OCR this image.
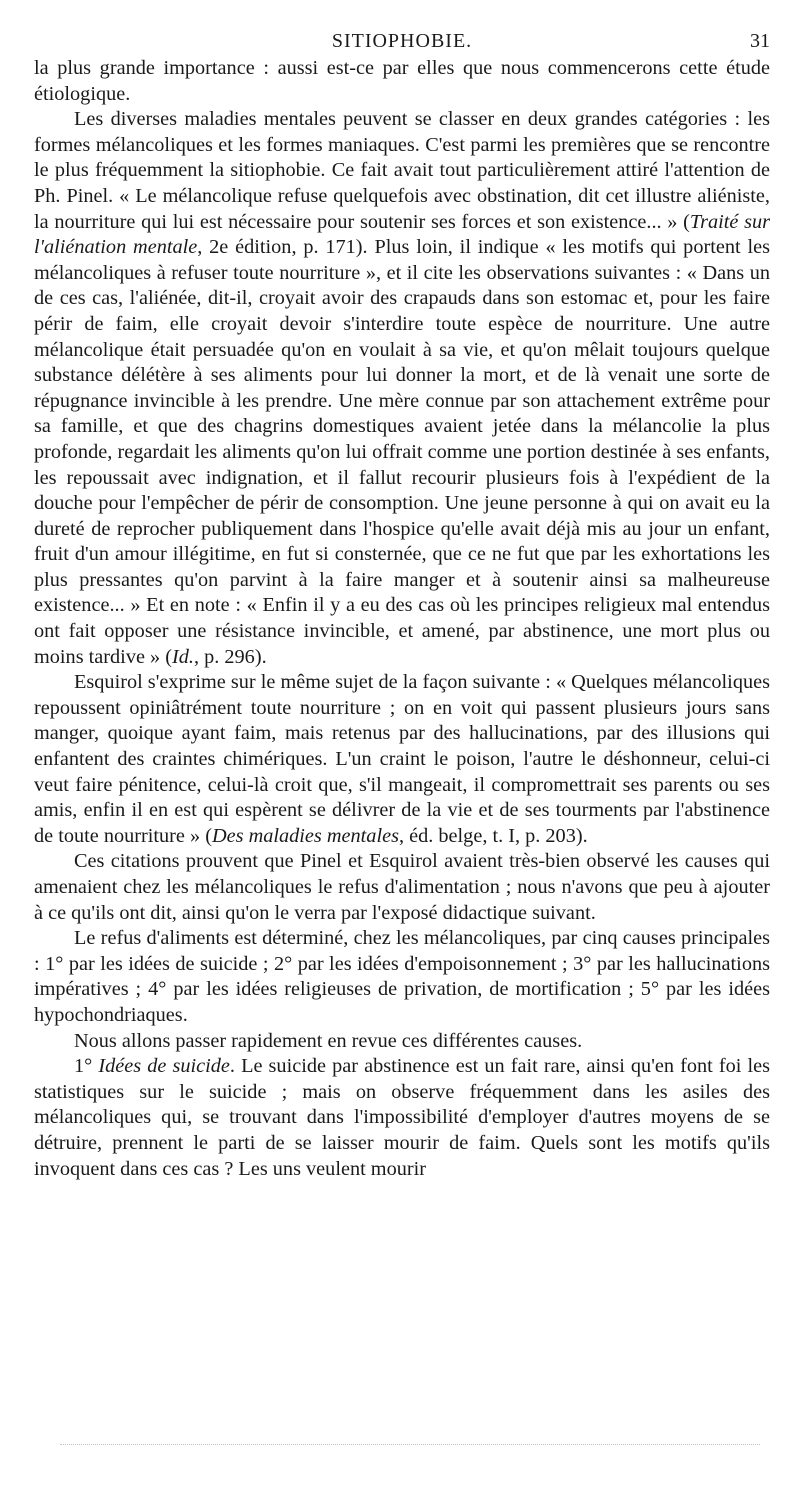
SITIOPHOBIE.	31

la plus grande importance : aussi est-ce par elles que nous commencerons cette étude étiologique.

Les diverses maladies mentales peuvent se classer en deux grandes catégories : les formes mélancoliques et les formes maniaques. C'est parmi les premières que se rencontre le plus fréquemment la sitiophobie. Ce fait avait tout particulièrement attiré l'attention de Ph. Pinel. « Le mélancolique refuse quelquefois avec obstination, dit cet illustre aliéniste, la nourriture qui lui est nécessaire pour soutenir ses forces et son existence... » (Traité sur l'aliénation mentale, 2e édition, p. 171). Plus loin, il indique « les motifs qui portent les mélancoliques à refuser toute nourriture », et il cite les observations suivantes : « Dans un de ces cas, l'aliénée, dit-il, croyait avoir des crapauds dans son estomac et, pour les faire périr de faim, elle croyait devoir s'interdire toute espèce de nourriture. Une autre mélancolique était persuadée qu'on en voulait à sa vie, et qu'on mêlait toujours quelque substance délétère à ses aliments pour lui donner la mort, et de là venait une sorte de répugnance invincible à les prendre. Une mère connue par son attachement extrême pour sa famille, et que des chagrins domestiques avaient jetée dans la mélancolie la plus profonde, regardait les aliments qu'on lui offrait comme une portion destinée à ses enfants, les repoussait avec indignation, et il fallut recourir plusieurs fois à l'expédient de la douche pour l'empêcher de périr de consomption. Une jeune personne à qui on avait eu la dureté de reprocher publiquement dans l'hospice qu'elle avait déjà mis au jour un enfant, fruit d'un amour illégitime, en fut si consternée, que ce ne fut que par les exhortations les plus pressantes qu'on parvint à la faire manger et à soutenir ainsi sa malheureuse existence... » Et en note : « Enfin il y a eu des cas où les principes religieux mal entendus ont fait opposer une résistance invincible, et amené, par abstinence, une mort plus ou moins tardive » (Id., p. 296).

Esquirol s'exprime sur le même sujet de la façon suivante : « Quelques mélancoliques repoussent opiniâtrément toute nourriture ; on en voit qui passent plusieurs jours sans manger, quoique ayant faim, mais retenus par des hallucinations, par des illusions qui enfantent des craintes chimériques. L'un craint le poison, l'autre le déshonneur, celui-ci veut faire pénitence, celui-là croit que, s'il mangeait, il compromettrait ses parents ou ses amis, enfin il en est qui espèrent se délivrer de la vie et de ses tourments par l'abstinence de toute nourriture » (Des maladies mentales, éd. belge, t. I, p. 203).

Ces citations prouvent que Pinel et Esquirol avaient très-bien observé les causes qui amenaient chez les mélancoliques le refus d'alimentation ; nous n'avons que peu à ajouter à ce qu'ils ont dit, ainsi qu'on le verra par l'exposé didactique suivant.

Le refus d'aliments est déterminé, chez les mélancoliques, par cinq causes principales : 1° par les idées de suicide ; 2° par les idées d'empoisonnement ; 3° par les hallucinations impératives ; 4° par les idées religieuses de privation, de mortification ; 5° par les idées hypochondriaques.

Nous allons passer rapidement en revue ces différentes causes.

1° Idées de suicide. Le suicide par abstinence est un fait rare, ainsi qu'en font foi les statistiques sur le suicide ; mais on observe fréquemment dans les asiles des mélancoliques qui, se trouvant dans l'impossibilité d'employer d'autres moyens de se détruire, prennent le parti de se laisser mourir de faim. Quels sont les motifs qu'ils invoquent dans ces cas ? Les uns veulent mourir
